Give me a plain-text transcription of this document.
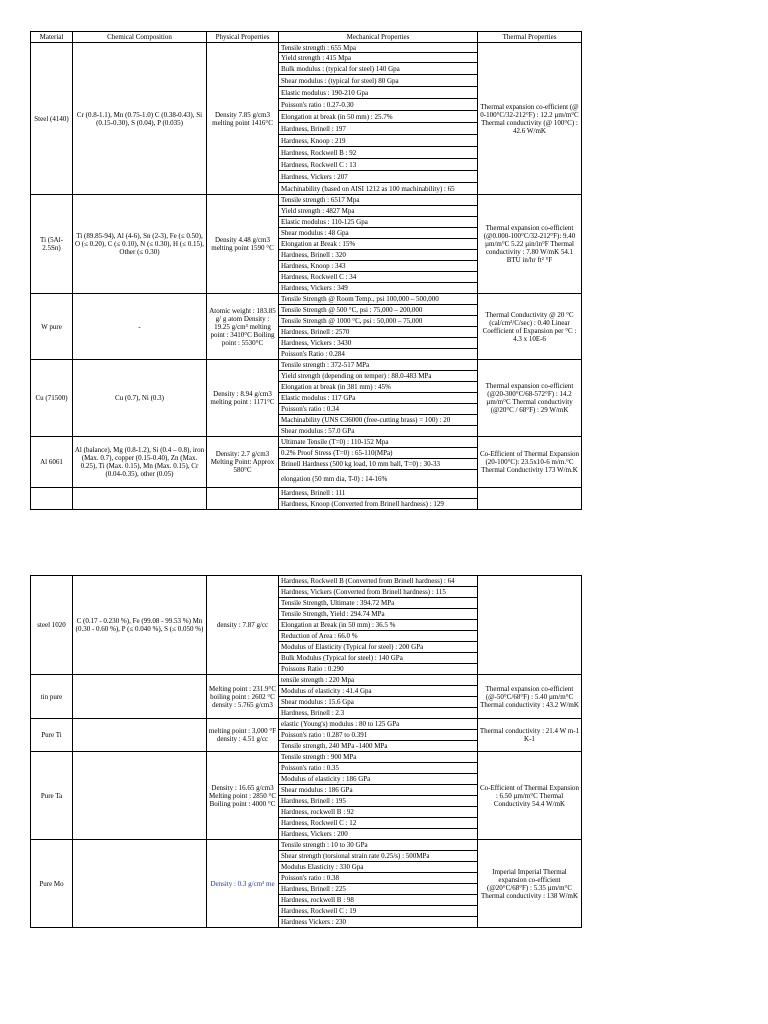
Material	Chemical Composition	Physical Properties	Mechanical Properties	Thermal Properties
Steel (4140)	Cr (0.8-1.1), Mn (0.75-1.0) C (0.38-0.43), Si (0.15-0.30), S (0.04), P (0.035)	Density 7.85 g/cm3 melting point 1416°C	Tensile strength : 655 Mpa	Thermal expansion co-efficient (@ 0-100°C/32-212°F) : 12.2 µm/m°C Thermal conductivity (@ 100°C) : 42.6 W/mK
			Yield strength : 415 Mpa	
			Bulk modulus : (typical for steel) 140 Gpa	
			Shear modulus : (typical for steel) 80 Gpa	
			Elastic modulus : 190-210 Gpa	
			Poisson's ratio : 0.27-0.30	
			Elongation at break (in 50 mm) : 25.7%	
			Hardness, Brinell : 197	
			Hardness, Knoop : 219	
			Hardness, Rockwell B : 92	
			Hardness, Rockwell C : 13	
			Hardness, Vickers : 207	
			Machinability (based on AISI 1212 as 100 machinability) : 65	
Ti (5Al-2.5Sn)	Ti (89.85-94), Al (4-6), Sn (2-3), Fe (≤ 0.50), O (≤ 0.20), C (≤ 0.10), N (≤ 0.30), H (≤ 0.15), Other (≤ 0.30)	Density 4.48 g/cm3 melting point 1590 °C	Tensile strength : 6517 Mpa	Thermal expansion co-efficient (@0.000-100°C/32-212°F): 9.40 µm/m°C 5.22 µin/in°F Thermal conductivity : 7.80 W/mK 54.1 BTU in/hr ft² °F
			Yield strength : 4827 Mpa	
			Elastic modulus : 110-125 Gpa	
			Shear modulus : 48 Gpa	
			Elongation at Break : 15%	
			Hardness, Brinell : 320	
			Hardness, Knoop : 343	
			Hardness, Rockwell C : 34	
			Hardness, Vickers : 349	
W pure	-	Atomic weight : 183.85 g/ g atom Density : 19.25 g/cm³ melting point : 3410°C Boiling point : 5530°C	Tensile Strength @ Room Temp., psi 100,000 – 500,000	Thermal Conductivity @ 20 °C (cal/cm²/C/sec) : 0.40 Linear Coefficient of Expansion per °C : 4.3 x 10E-6
			Tensile Strength @ 500 °C, psi : 75,000 – 200,000	
			Tensile Strength @ 1000 °C, psi : 50,000 – 75,000	
			Hardness, Brinell : 2570	
			Hardness, Vickers : 3430	
			Poisson's Ratio : 0.284	
Cu (71500)	Cu (0.7), Ni (0.3)	Density : 8.94 g/cm3 melting point : 1171°C	Tensile strength : 372-517 MPa	Thermal expansion co-efficient (@20-300°C/68-572°F) : 14.2 µm/m°C Thermal conductivity (@20°C / 68°F) : 29 W/mK
			Yield strength (depending on temper) : 88.0-483 MPa	
			Elongation at break (in 381 mm) : 45%	
			Elastic modulus : 117 GPa	
			Poisson's ratio : 0.34	
			Machinability (UNS C36000 (free-cutting brass) = 100) : 20	
			Shear modulus : 57.0 GPa	
Al 6061	Al (balance), Mg (0.8-1.2), Si (0.4 – 0.8), iron (Max. 0.7), copper (0.15-0.40), Zn (Max. 0.25), Ti (Max. 0.15), Mn (Max. 0.15), Cr (0.04-0.35), other (0.05)	Density: 2.7 g/cm3 Melting Point: Approx 580°C	Ultimate Tensile (T=0) : 110-152 Mpa	Co-Efficient of Thermal Expansion (20-100°C): 23.5x10-6 m/m.°C Thermal Conductivity 173 W/m.K
			0.2% Proof Stress (T=0) : 65-110(MPa)	
			Brinell Hardness (500 kg load, 10 mm ball, T=0) : 30-33	
			elongation (50 mm dia, T-0) : 14-16%	
			Hardness, Brinell : 111	
			Hardness, Knoop (Converted from Brinell hardness) : 129	
steel 1020	C (0.17 - 0.230 %), Fe (99.08 - 99.53 %) Mn (0.30 - 0.60 %), P (≤ 0.040 %), S (≤ 0.050 %)	density : 7.87 g/cc	Hardness, Rockwell B (Converted from Brinell hardness) : 64	
			Hardness, Vickers (Converted from Brinell hardness) : 115	
			Tensile Strength, Ultimate : 394.72 MPa	
			Tensile Strength, Yield : 294.74 MPa	
			Elongation at Break (in 50 mm) : 36.5 %	
			Reduction of Area : 66.0 %	
			Modulus of Elasticity (Typical for steel) : 200 GPa	
			Bulk Modulus (Typical for steel) : 140 GPa	
			Poissons Ratio : 0.290	
tin pure		Melting point : 231.9°C boiling point : 2602 °C density : 5.765 g/cm3	tensile strength : 220 Mpa	Thermal expansion co-efficient (@-50°C/68°F) : 5.40 µm/m°C Thermal conductivity : 43.2 W/mK
			Modulus of elasticity : 41.4 Gpa	
			Shear modulus : 15.6 Gpa	
			Hardness, Brinell : 2.3	
Pure Ti		melting point : 3,000 °F density : 4.51 g/cc	elastic (Young's) modulus : 80 to 125 GPa	Thermal conductivity : 21.4 W m-1 K-1
			Poisson's ratio : 0.287 to 0.391	
			Tensile strength, 240 MPa -1400 MPa	
Pure Ta		Density : 16.65 g/cm3 Melting point : 2850 °C Boiling point : 4000 °C	Tensile strength : 900 MPa	Co-Efficient of Thermal Expansion : 6.50 µm/m°C Thermal Conductivity 54.4 W/mK
			Poisson's ratio : 0.35	
			Modulus of elasticity : 186 GPa	
			Shear modulus : 186 GPa	
			Hardness, Brinell : 195	
			Hardness, rockwell B : 92	
			Hardness, Rockwell C : 12	
			Hardness, Vickers : 200	
Pure Mo		Density : 0.3 g/cm³ me	Tensile strength : 10 to 30 GPa	Imperial Imperial Thermal expansion co-efficient (@20°C/68°F) : 5.35 µm/m°C Thermal conductivity : 138 W/mK
			Shear strength (torsional strain rate 0.25/s) : 500MPa	
			Modulus Elasticity : 330 Gpa	
			Poisson's ratio : 0.38	
			Hardness, Brinell : 225	
			Hardness, rockwell B : 98	
			Hardness, Rockwell C : 19	
			Hardness Vickers : 230	
